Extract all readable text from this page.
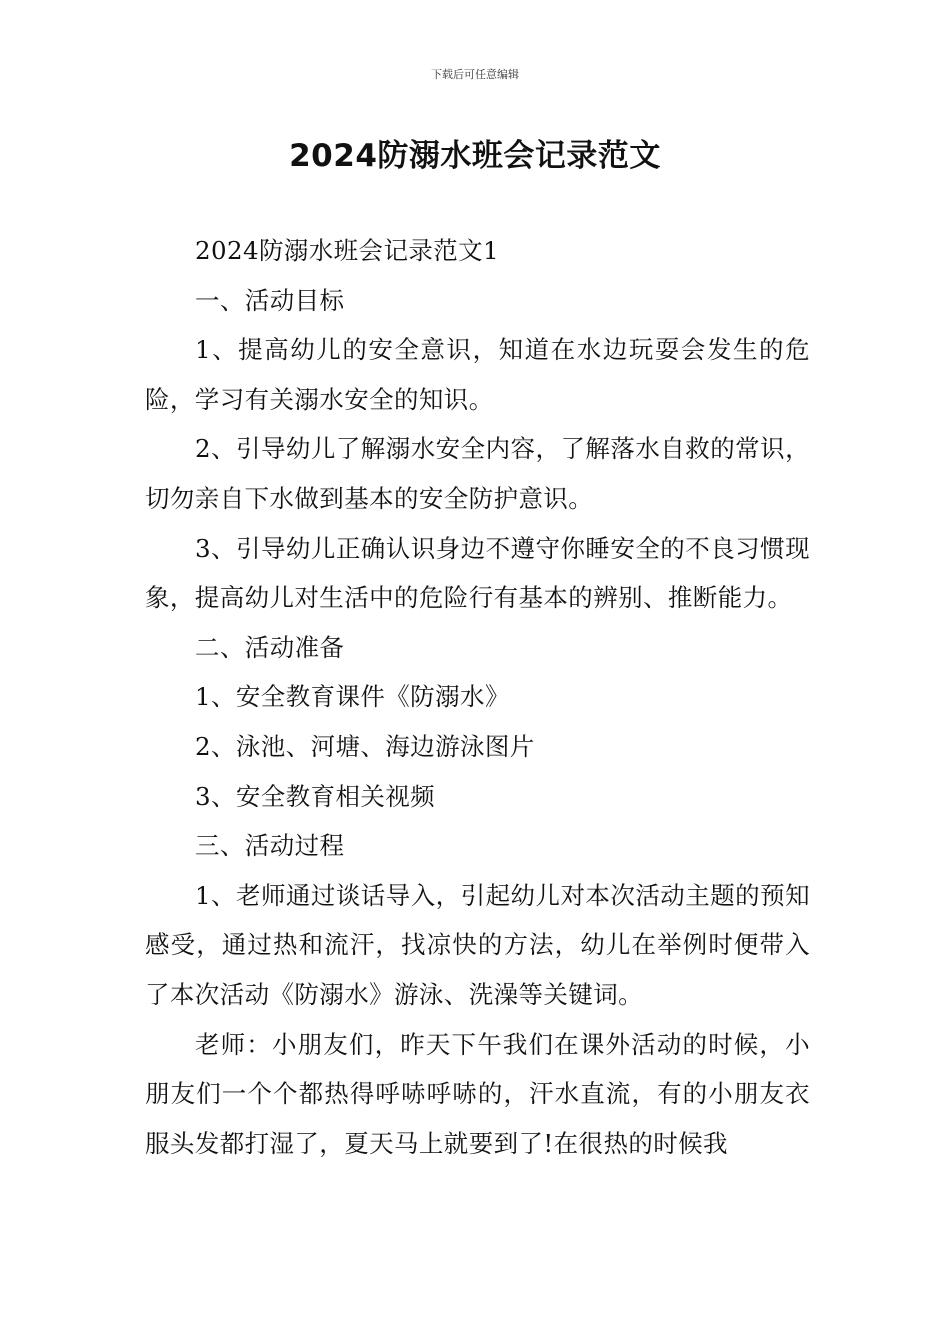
下载后可任意编辑
2024防溺水班会记录范文

2024防溺水班会记录范文1

一、活动目标

1、提高幼儿的安全意识，知道在水边玩耍会发生的危险，学习有关溺水安全的知识。

2、引导幼儿了解溺水安全内容，了解落水自救的常识，切勿亲自下水做到基本的安全防护意识。

3、引导幼儿正确认识身边不遵守你睡安全的不良习惯现象，提高幼儿对生活中的危险行有基本的辨别、推断能力。

二、活动准备

1、安全教育课件《防溺水》

2、泳池、河塘、海边游泳图片

3、安全教育相关视频

三、活动过程

1、老师通过谈话导入，引起幼儿对本次活动主题的预知感受，通过热和流汗，找凉快的方法，幼儿在举例时便带入了本次活动《防溺水》游泳、洗澡等关键词。

老师：小朋友们，昨天下午我们在课外活动的时候，小朋友们一个个都热得呼哧呼哧的，汗水直流，有的小朋友衣服头发都打湿了，夏天马上就要到了!在很热的时候我
